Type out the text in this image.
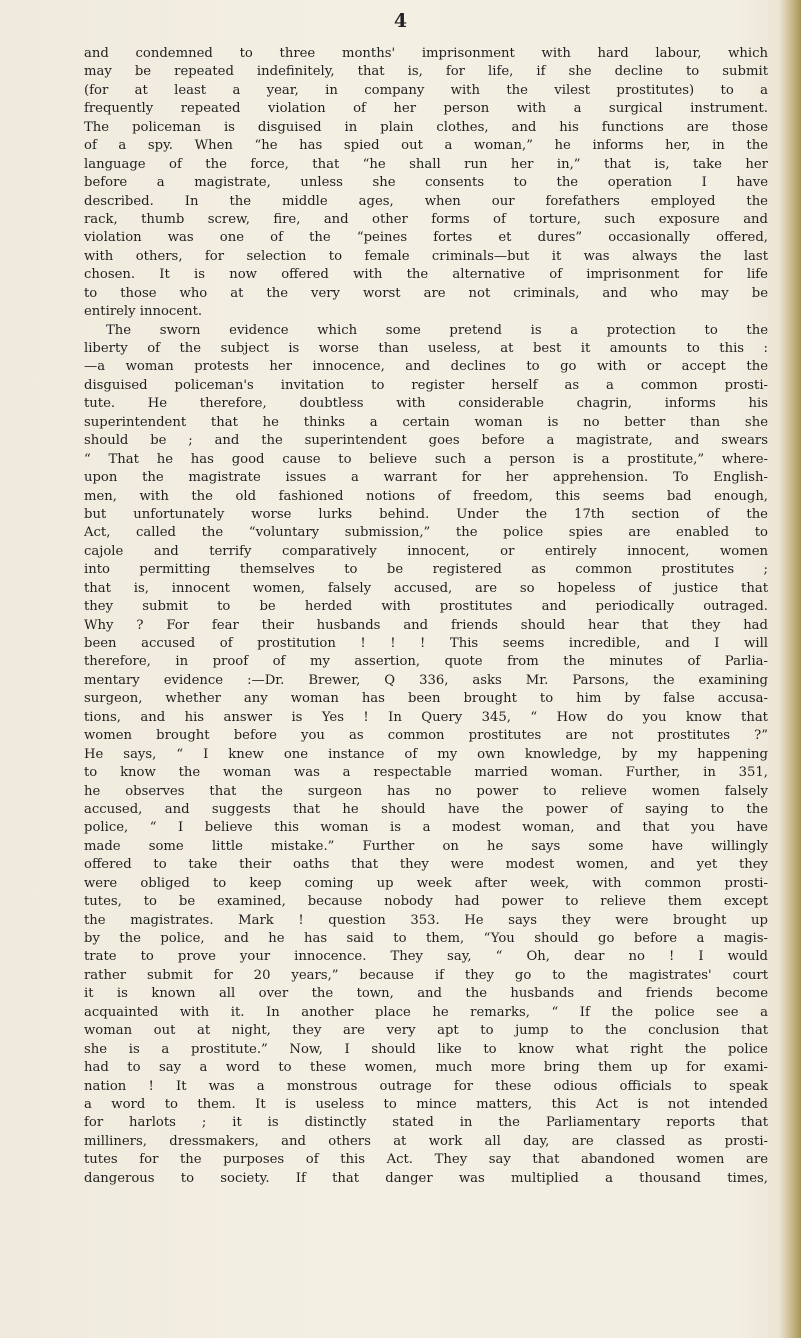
4

and condemned to three months' imprisonment with hard labour, which
may be repeated indefinitely, that is, for life, if she decline to submit
(for at least a year, in company with the vilest prostitutes) to a
frequently repeated violation of her person with a surgical instrument.
The policeman is disguised in plain clothes, and his functions are those
of a spy. When “he has spied out a woman,” he informs her, in the
language of the force, that “he shall run her in,” that is, take her
before a magistrate, unless she consents to the operation I have
described. In the middle ages, when our forefathers employed the
rack, thumb screw, fire, and other forms of torture, such exposure and
violation was one of the “peines fortes et dures” occasionally offered,
with others, for selection to female criminals—but it was always the last
chosen. It is now offered with the alternative of imprisonment for life
to those who at the very worst are not criminals, and who may be
entirely innocent.
The sworn evidence which some pretend is a protection to the
liberty of the subject is worse than useless, at best it amounts to this :
—a woman protests her innocence, and declines to go with or accept the
disguised policeman's invitation to register herself as a common prosti-
tute. He therefore, doubtless with considerable chagrin, informs his
superintendent that he thinks a certain woman is no better than she
should be ; and the superintendent goes before a magistrate, and swears
“ That he has good cause to believe such a person is a prostitute,” where-
upon the magistrate issues a warrant for her apprehension. To English-
men, with the old fashioned notions of freedom, this seems bad enough,
but unfortunately worse lurks behind. Under the 17th section of the
Act, called the “voluntary submission,” the police spies are enabled to
cajole and terrify comparatively innocent, or entirely innocent, women
into permitting themselves to be registered as common prostitutes ;
that is, innocent women, falsely accused, are so hopeless of justice that
they submit to be herded with prostitutes and periodically outraged.
Why ? For fear their husbands and friends should hear that they had
been accused of prostitution ! ! ! This seems incredible, and I will
therefore, in proof of my assertion, quote from the minutes of Parlia-
mentary evidence :—Dr. Brewer, Q 336, asks Mr. Parsons, the examining
surgeon, whether any woman has been brought to him by false accusa-
tions, and his answer is Yes ! In Query 345, “ How do you know that
women brought before you as common prostitutes are not prostitutes ?”
He says, “ I knew one instance of my own knowledge, by my happening
to know the woman was a respectable married woman. Further, in 351,
he observes that the surgeon has no power to relieve women falsely
accused, and suggests that he should have the power of saying to the
police, “ I believe this woman is a modest woman, and that you have
made some little mistake.” Further on he says some have willingly
offered to take their oaths that they were modest women, and yet they
were obliged to keep coming up week after week, with common prosti-
tutes, to be examined, because nobody had power to relieve them except
the magistrates. Mark ! question 353. He says they were brought up
by the police, and he has said to them, “You should go before a magis-
trate to prove your innocence. They say, “ Oh, dear no ! I would
rather submit for 20 years,” because if they go to the magistrates' court
it is known all over the town, and the husbands and friends become
acquainted with it. In another place he remarks, “ If the police see a
woman out at night, they are very apt to jump to the conclusion that
she is a prostitute.” Now, I should like to know what right the police
had to say a word to these women, much more bring them up for exami-
nation ! It was a monstrous outrage for these odious officials to speak
a word to them. It is useless to mince matters, this Act is not intended
for harlots ; it is distinctly stated in the Parliamentary reports that
milliners, dressmakers, and others at work all day, are classed as prosti-
tutes for the purposes of this Act. They say that abandoned women are
dangerous to society. If that danger was multiplied a thousand times,
